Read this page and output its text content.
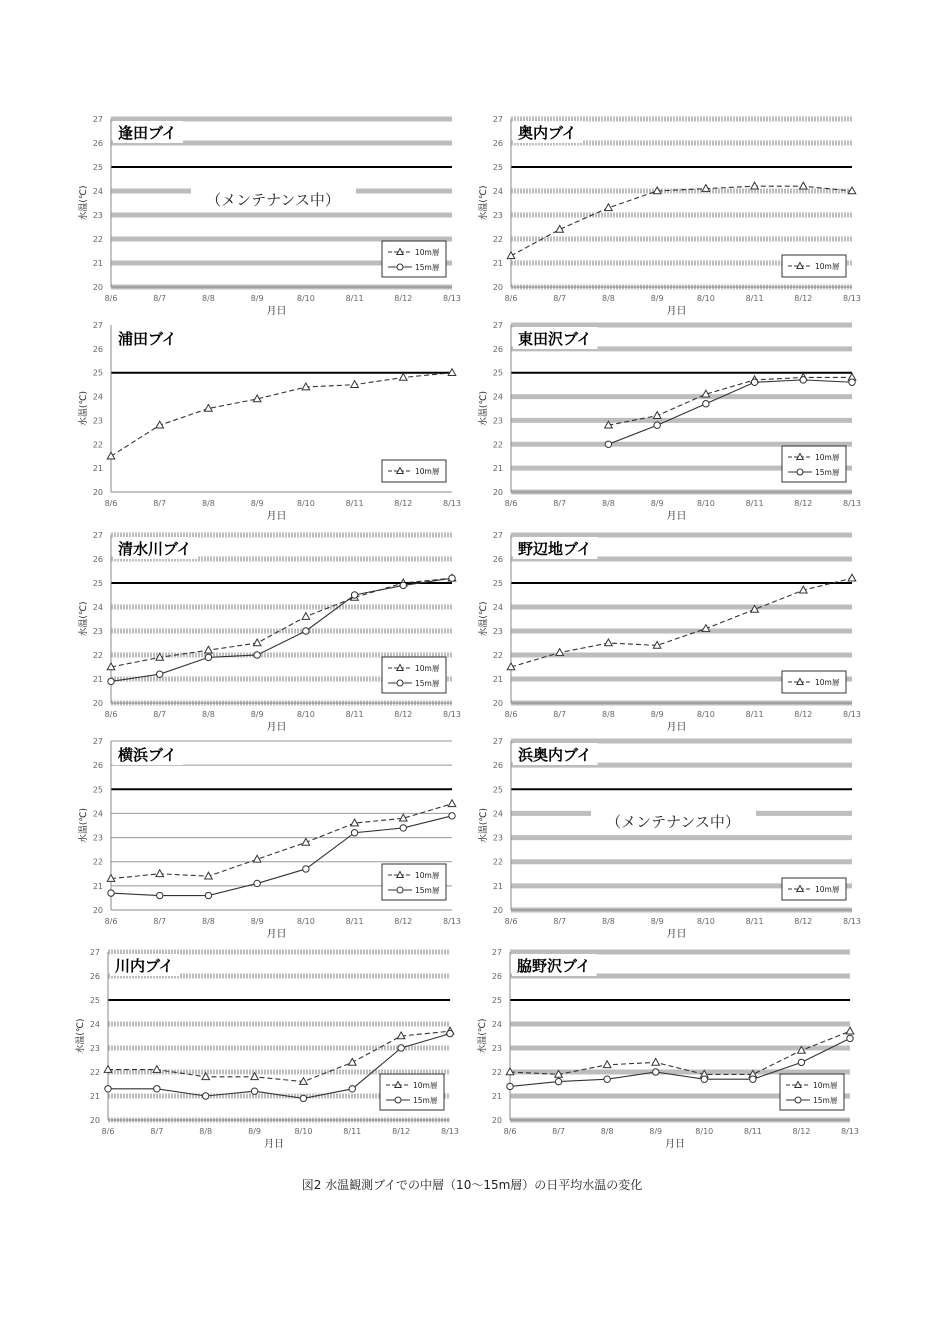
20
21
22
23
24
25
26
27
8/6	8/7	8/8	8/9	8/10	8/11	8/12	8/13
月日
水温(℃)
逢田ブイ
（メンテナンス中）
10m層
15m層
20
21
22
23
24
25
26
27
8/6	8/7	8/8	8/9	8/10	8/11	8/12	8/13
月日
水温(℃)
奥内ブイ
10m層
20
21
22
23
24
25
26
27
8/6	8/7	8/8	8/9	8/10	8/11	8/12	8/13
月日
水温(℃)
浦田ブイ
10m層
20
21
22
23
24
25
26
27
8/6	8/7	8/8	8/9	8/10	8/11	8/12	8/13
月日
水温(℃)
東田沢ブイ
10m層
15m層
20
21
22
23
24
25
26
27
8/6	8/7	8/8	8/9	8/10	8/11	8/12	8/13
月日
水温(℃)
清水川ブイ
10m層
15m層
20
21
22
23
24
25
26
27
8/6	8/7	8/8	8/9	8/10	8/11	8/12	8/13
月日
水温(℃)
野辺地ブイ
10m層
20
21
22
23
24
25
26
27
8/6	8/7	8/8	8/9	8/10	8/11	8/12	8/13
月日
水温(℃)
横浜ブイ
10m層
15m層
20
21
22
23
24
25
26
27
8/6	8/7	8/8	8/9	8/10	8/11	8/12	8/13
月日
水温(℃)
浜奥内ブイ
（メンテナンス中）
10m層
20
21
22
23
24
25
26
27
8/6	8/7	8/8	8/9	8/10	8/11	8/12	8/13
月日
水温(℃)
川内ブイ
10m層
15m層
20
21
22
23
24
25
26
27
8/6	8/7	8/8	8/9	8/10	8/11	8/12	8/13
月日
水温(℃)
脇野沢ブイ
10m層
15m層
図2 水温観測ブイでの中層（10〜15m層）の日平均水温の変化
